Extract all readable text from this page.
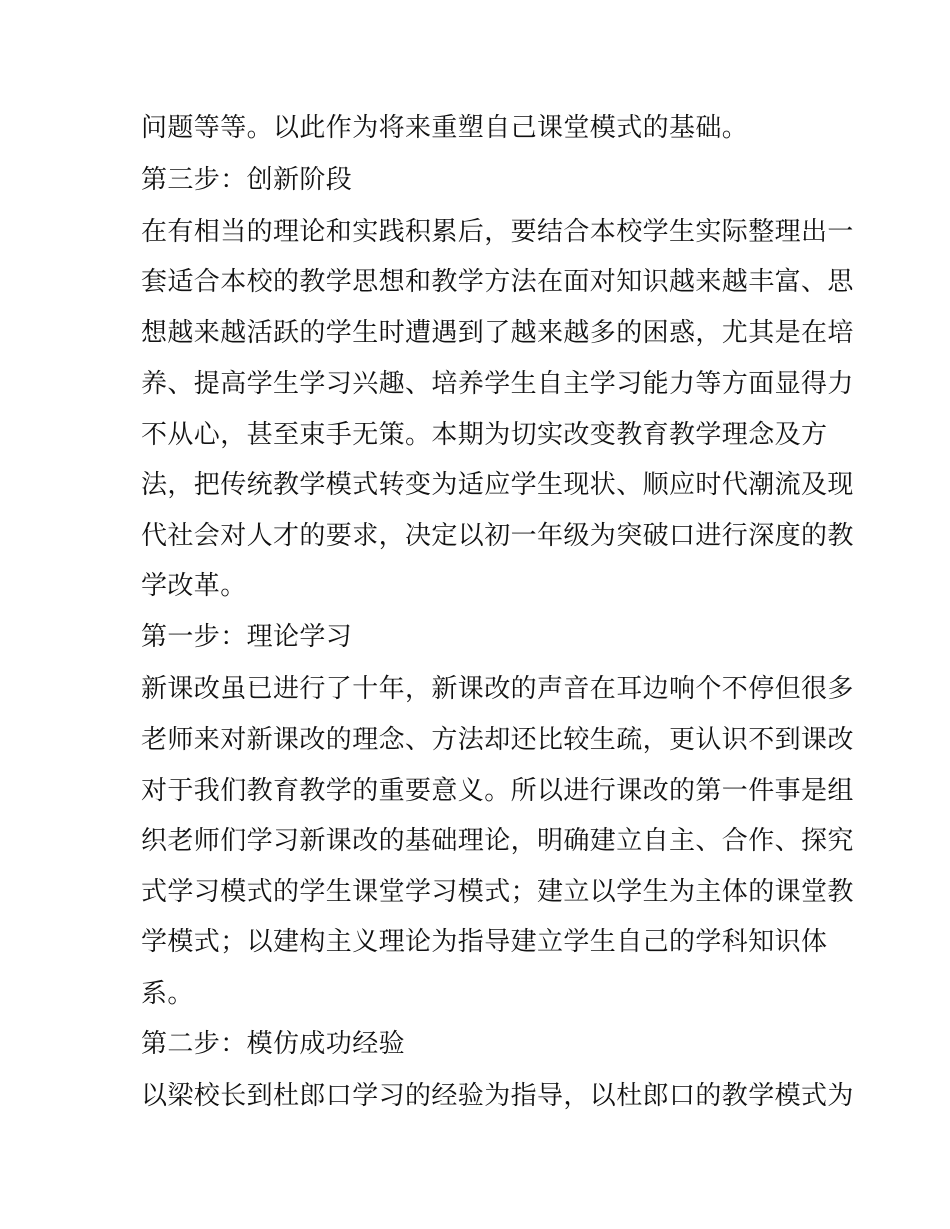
问题等等。以此作为将来重塑自己课堂模式的基础。
第三步：创新阶段
在有相当的理论和实践积累后，要结合本校学生实际整理出一
套适合本校的教学思想和教学方法在面对知识越来越丰富、思
想越来越活跃的学生时遭遇到了越来越多的困惑，尤其是在培
养、提高学生学习兴趣、培养学生自主学习能力等方面显得力
不从心，甚至束手无策。本期为切实改变教育教学理念及方
法，把传统教学模式转变为适应学生现状、顺应时代潮流及现
代社会对人才的要求，决定以初一年级为突破口进行深度的教
学改革。
第一步：理论学习
新课改虽已进行了十年，新课改的声音在耳边响个不停但很多
老师来对新课改的理念、方法却还比较生疏，更认识不到课改
对于我们教育教学的重要意义。所以进行课改的第一件事是组
织老师们学习新课改的基础理论，明确建立自主、合作、探究
式学习模式的学生课堂学习模式；建立以学生为主体的课堂教
学模式；以建构主义理论为指导建立学生自己的学科知识体
系。
第二步：模仿成功经验
以梁校长到杜郎口学习的经验为指导，以杜郎口的教学模式为
